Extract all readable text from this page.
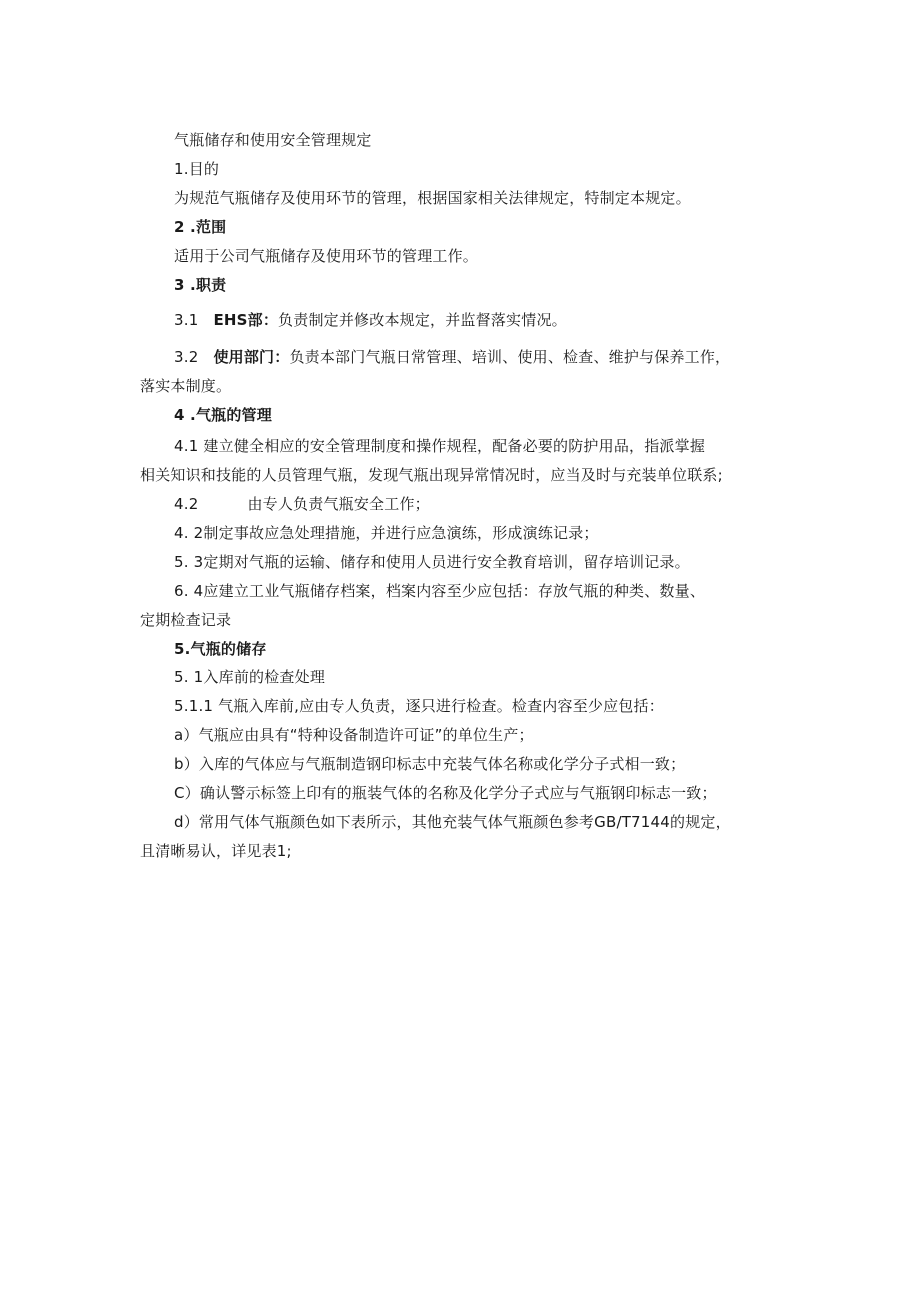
气瓶储存和使用安全管理规定
1.目的
为规范气瓶储存及使用环节的管理，根据国家相关法律规定，特制定本规定。
2 .范围
适用于公司气瓶储存及使用环节的管理工作。
3 .职责
3.1 EHS部：负责制定并修改本规定，并监督落实情况。
3.2 使用部门：负责本部门气瓶日常管理、培训、使用、检查、维护与保养工作，
落实本制度。
4 .气瓶的管理
4.1 建立健全相应的安全管理制度和操作规程，配备必要的防护用品，指派掌握
相关知识和技能的人员管理气瓶，发现气瓶出现异常情况时，应当及时与充装单位联系;
4.2	由专人负责气瓶安全工作；
4. 2制定事故应急处理措施，并进行应急演练，形成演练记录；
5. 3定期对气瓶的运输、储存和使用人员进行安全教育培训，留存培训记录。
6. 4应建立工业气瓶储存档案，档案内容至少应包括：存放气瓶的种类、数量、
定期检查记录
5.气瓶的储存
5. 1入库前的检查处理
5.1.1 气瓶入库前,应由专人负责，逐只进行检查。检查内容至少应包括：
a）气瓶应由具有“特种设备制造许可证”的单位生产；
b）入库的气体应与气瓶制造钢印标志中充装气体名称或化学分子式相一致；
C）确认警示标签上印有的瓶装气体的名称及化学分子式应与气瓶钢印标志一致；
d）常用气体气瓶颜色如下表所示，其他充装气体气瓶颜色参考GB/T7144的规定，
且清晰易认，详见表1;
